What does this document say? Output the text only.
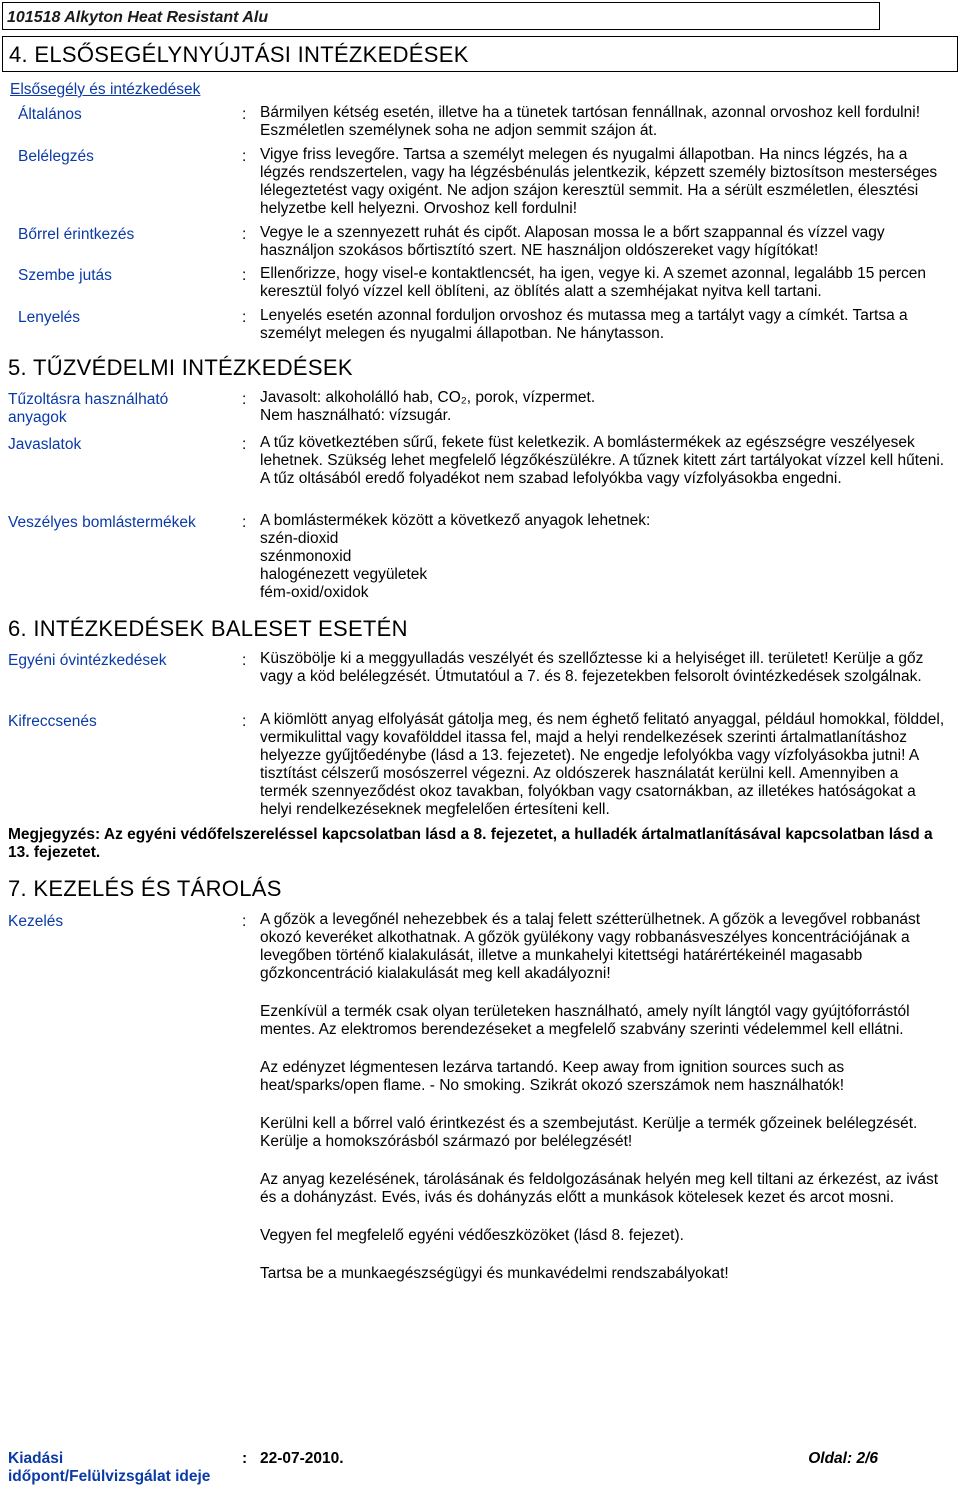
101518 Alkyton Heat Resistant Alu
4. ELSŐSEGÉLYNYÚJTÁSI INTÉZKEDÉSEK
Elsősegély és intézkedések
Általános	: Bármilyen kétség esetén, illetve ha a tünetek tartósan fennállnak, azonnal orvoshoz kell fordulni! Eszméletlen személynek soha ne adjon semmit szájon át.
Belélegzés	: Vigye friss levegőre. Tartsa a személyt melegen és nyugalmi állapotban. Ha nincs légzés, ha a légzés rendszertelen, vagy ha légzésbénulás jelentkezik, képzett személy biztosítson mesterséges lélegeztetést vagy oxigént. Ne adjon szájon keresztül semmit. Ha a sérült eszméletlen, élesztési helyzetbe kell helyezni. Orvoshoz kell fordulni!
Bőrrel érintkezés	: Vegye le a szennyezett ruhát és cipőt. Alaposan mossa le a bőrt szappannal és vízzel vagy használjon szokásos bőrtisztító szert. NE használjon oldószereket vagy hígítókat!
Szembe jutás	: Ellenőrizze, hogy visel-e kontaktlencsét, ha igen, vegye ki. A szemet azonnal, legalább 15 percen keresztül folyó vízzel kell öblíteni, az öblítés alatt a szemhéjakat nyitva kell tartani.
Lenyelés	: Lenyelés esetén azonnal forduljon orvoshoz és mutassa meg a tartályt vagy a címkét. Tartsa a személyt melegen és nyugalmi állapotban. Ne hánytasson.
5. TŰZVÉDELMI INTÉZKEDÉSEK
Tűzoltásra használható anyagok
: Javasolt: alkoholálló hab, CO₂, porok, vízpermet.
Nem használható: vízsugár.
Javaslatok	: A tűz következtében sűrű, fekete füst keletkezik. A bomlástermékek az egészségre veszélyesek lehetnek. Szükség lehet megfelelő légzőkészülékre. A tűznek kitett zárt tartályokat vízzel kell hűteni. A tűz oltásából eredő folyadékot nem szabad lefolyókba vagy vízfolyásokba engedni.
Veszélyes bomlástermékek	: A bomlástermékek között a következő anyagok lehetnek:
szén-dioxid
szénmonoxid
halogénezett vegyületek
fém-oxid/oxidok
6. INTÉZKEDÉSEK BALESET ESETÉN
Egyéni óvintézkedések	: Küszöbölje ki a meggyulladás veszélyét és szellőztesse ki a helyiséget ill. területet! Kerülje a gőz vagy a köd belélegzését. Útmutatóul a 7. és 8. fejezetekben felsorolt óvintézkedések szolgálnak.
Kifreccsenés	: A kiömlött anyag elfolyását gátolja meg, és nem éghető felitató anyaggal, például homokkal, földdel, vermikulittal vagy kovafölddel itassa fel, majd a helyi rendelkezések szerinti ártalmatlanításhoz helyezze gyűjtőedénybe (lásd a 13. fejezetet). Ne engedje lefolyókba vagy vízfolyásokba jutni! A tisztítást célszerű mosószerrel végezni. Az oldószerek használatát kerülni kell. Amennyiben a termék szennyeződést okoz tavakban, folyókban vagy csatornákban, az illetékes hatóságokat a helyi rendelkezéseknek megfelelően értesíteni kell.
Megjegyzés: Az egyéni védőfelszereléssel kapcsolatban lásd a 8. fejezetet, a hulladék ártalmatlanításával kapcsolatban lásd a 13. fejezetet.
7. KEZELÉS ÉS TÁROLÁS
Kezelés	: A gőzök a levegőnél nehezebbek és a talaj felett szétterülhetnek. A gőzök a levegővel robbanást okozó keveréket alkothatnak. A gőzök gyülékony vagy robbanásveszélyes koncentrációjának a levegőben történő kialakulását, illetve a munkahelyi kitettségi határértékeinél magasabb gőzkoncentráció kialakulását meg kell akadályozni!

Ezenkívül a termék csak olyan területeken használható, amely nyílt lángtól vagy gyújtóforrástól mentes. Az elektromos berendezéseket a megfelelő szabvány szerinti védelemmel kell ellátni.

Az edényzet légmentesen lezárva tartandó. Keep away from ignition sources such as heat/sparks/open flame. - No smoking. Szikrát okozó szerszámok nem használhatók!

Kerülni kell a bőrrel való érintkezést és a szembejutást. Kerülje a termék gőzeinek belélegzését. Kerülje a homokszórásból származó por belélegzését!

Az anyag kezelésének, tárolásának és feldolgozásának helyén meg kell tiltani az érkezést, az ivást és a dohányzást. Evés, ivás és dohányzás előtt a munkások kötelesek kezet és arcot mosni.

Vegyen fel megfelelő egyéni védőeszközöket (lásd 8. fejezet).

Tartsa be a munkaegészségügyi és munkavédelmi rendszabályokat!

Kiadási időpont/Felülvizsgálat ideje
: 22-07-2010.	Oldal: 2/6
